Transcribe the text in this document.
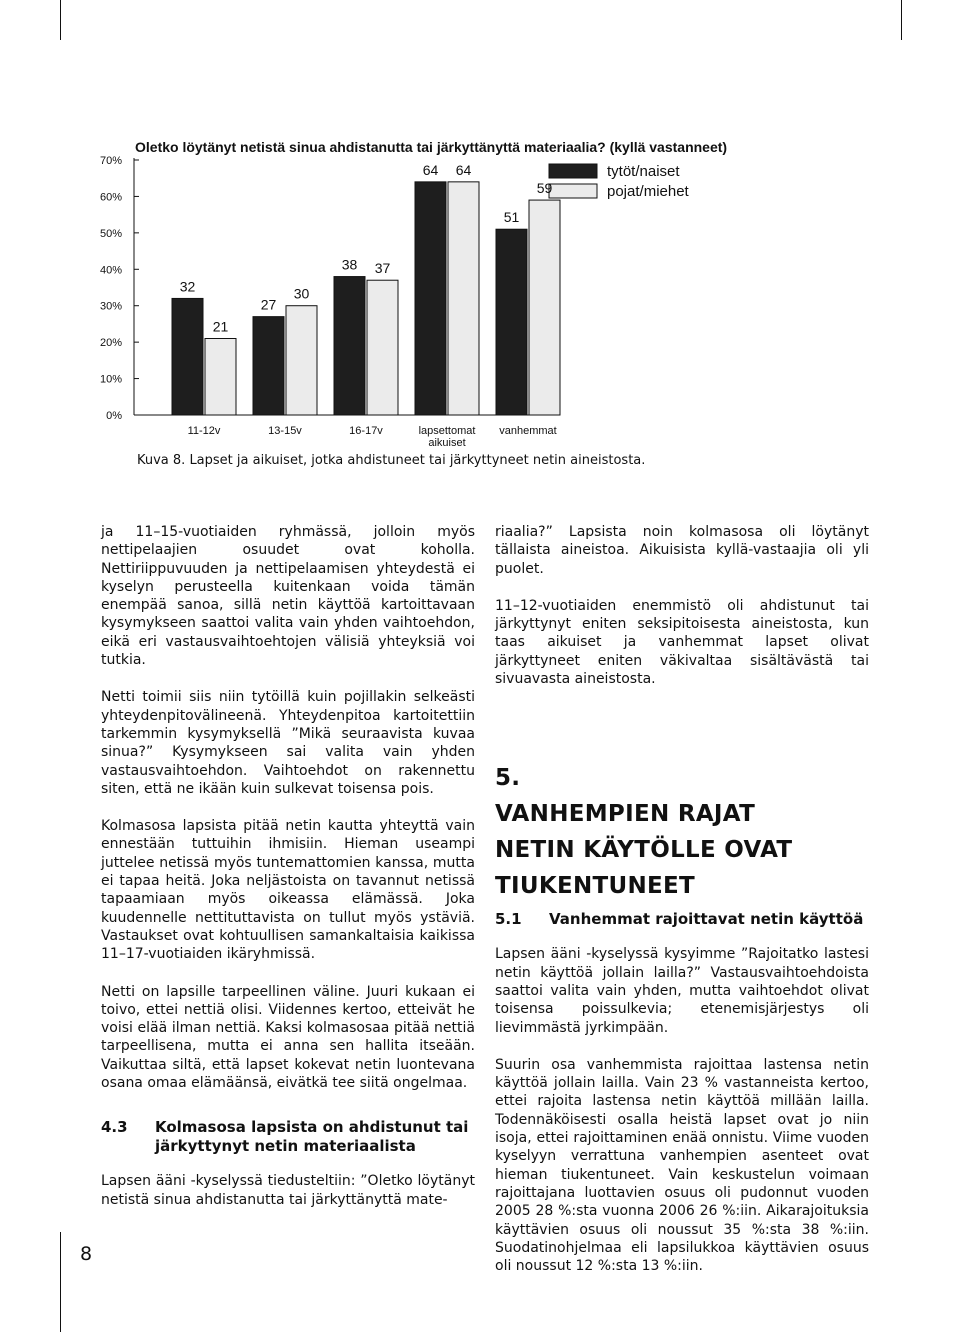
0%
10%
20%
30%
40%
50%
60%
70%
Oletko löytänyt netistä sinua ahdistanutta tai järkyttänyttä materiaalia? (kyllä vastanneet)
tytöt/naiset
pojat/miehet
32
21
11-12v
27
30
13-15v
38 37
16-17v
64 64
lapsettomat
aikuiset
51
59
vanhemmat
Kuva 8. Lapset ja aikuiset, jotka ahdistuneet tai järkyttyneet netin aineistosta.

ja 11–15-vuotiaiden ryhmässä, jolloin myös nettipelaajien osuudet ovat koholla. Nettiriippuvuuden ja nettipelaamisen yhteydestä ei kyselyn perusteella kuitenkaan voida tämän enempää sanoa, sillä netin käyttöä kartoittavaan kysymykseen saattoi valita vain yhden vaihtoehdon, eikä eri vastausvaihtoehtojen välisiä yhteyksiä voi tutkia.

Netti toimii siis niin tytöillä kuin pojillakin selkeästi yhteydenpitovälineenä. Yhteydenpitoa kartoitettiin tarkemmin kysymyksellä ”Mikä seuraavista kuvaa sinua?” Kysymykseen sai valita vain yhden vastausvaihtoehdon. Vaihtoehdot on rakennettu siten, että ne ikään kuin sulkevat toisensa pois.

Kolmasosa lapsista pitää netin kautta yhteyttä vain ennestään tuttuihin ihmisiin. Hieman useampi juttelee netissä myös tuntemattomien kanssa, mutta ei tapaa heitä. Joka neljästoista on tavannut netissä tapaamiaan myös oikeassa elämässä. Joka kuudennelle nettituttavista on tullut myös ystäviä. Vastaukset ovat kohtuullisen samankaltaisia kaikissa 11–17-vuotiaiden ikäryhmissä.

Netti on lapsille tarpeellinen väline. Juuri kukaan ei toivo, ettei nettiä olisi. Viidennes kertoo, etteivät he voisi elää ilman nettiä. Kaksi kolmasosaa pitää nettiä tarpeellisena, mutta ei anna sen hallita itseään. Vaikuttaa siltä, että lapset kokevat netin luontevana osana omaa elämäänsä, eivätkä tee siitä ongelmaa.

4.3	Kolmasosa lapsista on ahdistunut tai järkyttynyt netin materiaalista

Lapsen ääni -kyselyssä tiedusteltiin: ”Oletko löytänyt netistä sinua ahdistanutta tai järkyttänyttä mate-

riaalia?” Lapsista noin kolmasosa oli löytänyt tällaista aineistoa. Aikuisista kyllä-vastaajia oli yli puolet.

11–12-vuotiaiden enemmistö oli ahdistunut tai järkyttynyt eniten seksipitoisesta aineistosta, kun taas aikuiset ja vanhemmat lapset olivat järkyttyneet eniten väkivaltaa sisältävästä tai sivuavasta aineistosta.

5.VANHEMPIEN RAJAT NETIN KÄYTÖLLE OVAT TIUKENTUNEET
5.1	Vanhemmat rajoittavat netin käyttöä

Lapsen ääni -kyselyssä kysyimme ”Rajoitatko lastesi netin käyttöä jollain lailla?” Vastausvaihtoehdoista saattoi valita vain yhden, mutta vaihtoehdot olivat toisensa poissulkevia; etenemisjärjestys oli lievimmästä jyrkimpään.

Suurin osa vanhemmista rajoittaa lastensa netin käyttöä jollain lailla. Vain 23 % vastanneista kertoo, ettei rajoita lastensa netin käyttöä millään lailla. Todennäköisesti osalla heistä lapset ovat jo niin isoja, ettei rajoittaminen enää onnistu. Viime vuoden kyselyyn verrattuna vanhempien asenteet ovat hieman tiukentuneet. Vain keskustelun voimaan rajoittajana luottavien osuus oli pudonnut vuoden 2005 28 %:sta vuonna 2006 26 %:iin. Aikarajoituksia käyttävien osuus oli noussut 35 %:sta 38 %:iin. Suodatinohjelmaa eli lapsilukkoa käyttävien osuus oli noussut 12 %:sta 13 %:iin.

8
